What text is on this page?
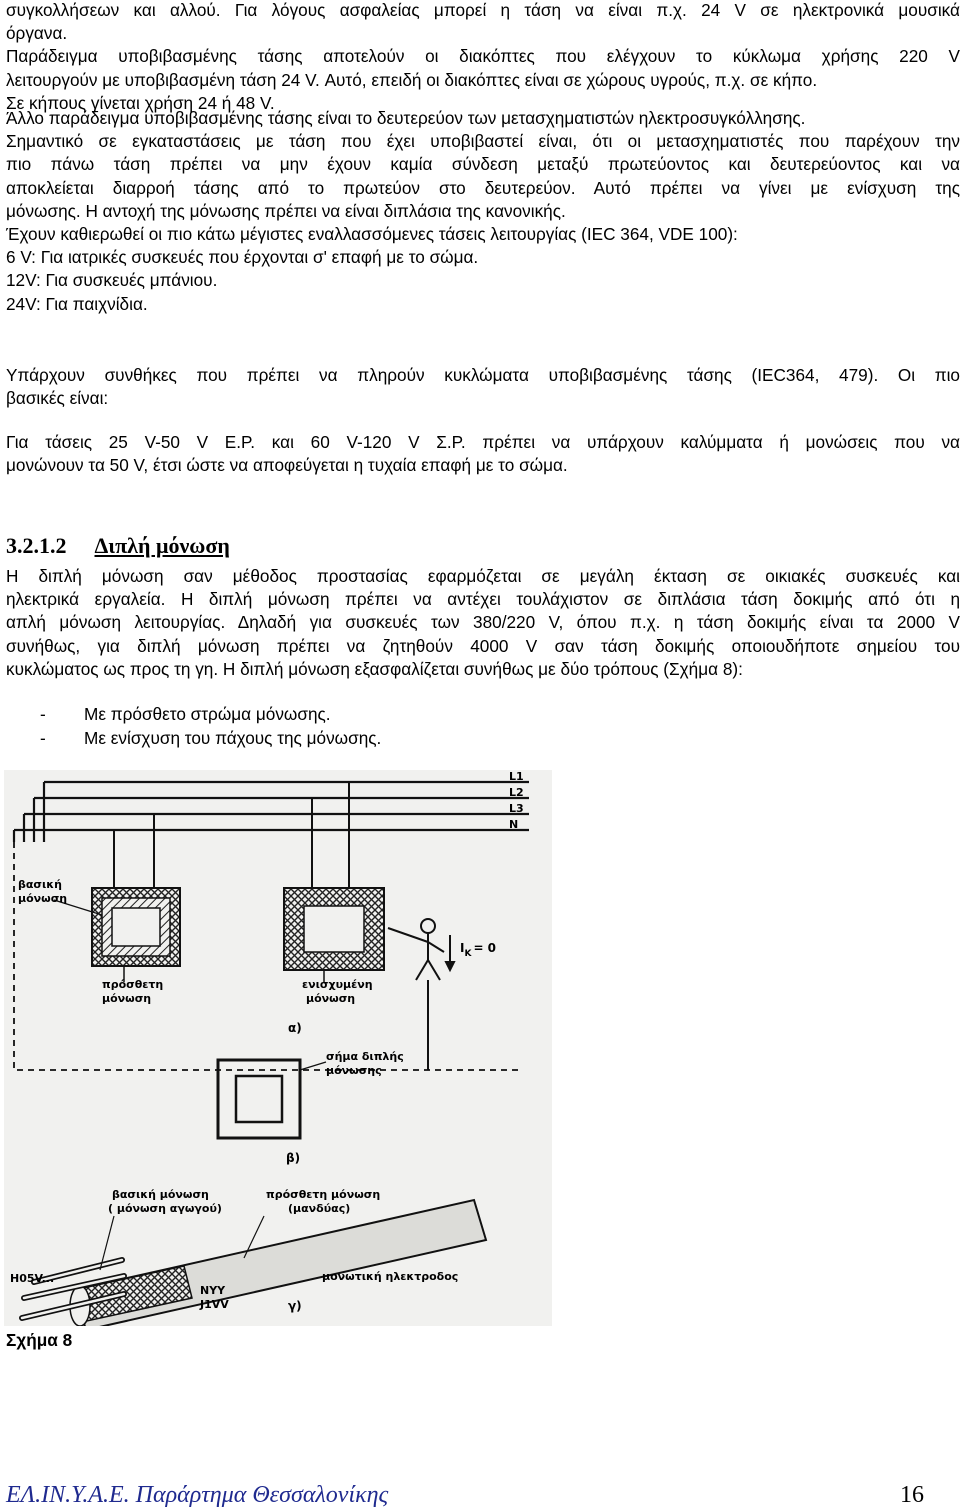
συγκολλήσεων και αλλού. Για λόγους ασφαλείας μπορεί η τάση να είναι π.χ. 24 V σε ηλεκτρονικά μουσικά
όργανα.
Παράδειγμα υποβιβασμένης τάσης αποτελούν οι διακόπτες που ελέγχουν το κύκλωμα χρήσης 220 V
λειτουργούν με υποβιβασμένη τάση 24 V. Αυτό, επειδή οι διακόπτες είναι σε χώρους υγρούς, π.χ. σε κήπο.
Σε κήπους γίνεται χρήση 24 ή 48 V.
Άλλο παράδειγμα υποβιβασμένης τάσης είναι το δευτερεύον των μετασχηματιστών ηλεκτροσυγκόλλησης.
Σημαντικό σε εγκαταστάσεις με τάση που έχει υποβιβαστεί είναι, ότι οι μετασχηματιστές που παρέχουν την
πιο πάνω τάση πρέπει να μην έχουν καμία σύνδεση μεταξύ πρωτεύοντος και δευτερεύοντος και να
αποκλείεται διαρροή τάσης από το πρωτεύον στο δευτερεύον. Αυτό πρέπει να γίνει με ενίσχυση της
μόνωσης. Η αντοχή της μόνωσης πρέπει να είναι διπλάσια της κανονικής.
Έχουν καθιερωθεί οι πιο κάτω μέγιστες εναλλασσόμενες τάσεις λειτουργίας (IEC 364, VDE 100):
6 V: Για ιατρικές συσκευές που έρχονται σ' επαφή με το σώμα.
12V: Για συσκευές μπάνιου.
24V: Για παιχνίδια.
Υπάρχουν συνθήκες που πρέπει να πληρούν κυκλώματα υποβιβασμένης τάσης (IEC364, 479). Οι πιο
βασικές είναι:
Για τάσεις 25 V-50 V Ε.Ρ. και 60 V-120 V Σ.Ρ. πρέπει να υπάρχουν καλύμματα ή μονώσεις που να
μονώνουν τα 50 V, έτσι ώστε να αποφεύγεται η τυχαία επαφή με το σώμα.
3.2.1.2 Διπλή μόνωση
Η διπλή μόνωση σαν μέθοδος προστασίας εφαρμόζεται σε μεγάλη έκταση σε οικιακές συσκευές και
ηλεκτρικά εργαλεία. Η διπλή μόνωση πρέπει να αντέχει τουλάχιστον σε διπλάσια τάση δοκιμής από ότι η
απλή μόνωση λειτουργίας. Δηλαδή για συσκευές των 380/220 V, όπου π.χ. η τάση δοκιμής είναι τα 2000 V
συνήθως, για διπλή μόνωση πρέπει να ζητηθούν 4000 V σαν τάση δοκιμής οποιουδήποτε σημείου του
κυκλώματος ως προς τη γη. Η διπλή μόνωση εξασφαλίζεται συνήθως με δύο τρόπους (Σχήμα 8):
- Με πρόσθετο στρώμα μόνωσης.
- Με ενίσχυση του πάχους της μόνωσης.
L1
L2
L3
N
βασική
μόνωση
πρόσθετη
μόνωση
ενισχυμένη
μόνωση
$I_K = 0$
α)
σήμα διπλής
μόνωσης
β)
βασική μόνωση
( μόνωση αγωγού)
πρόσθετη μόνωση
(μανδύας)
H05V...
NYY
J1VV
μονωτική ηλεκτροδος
γ)
Σχήμα 8
ΕΛ.ΙΝ.Υ.Α.Ε. Παράρτημα Θεσσαλονίκης	16
